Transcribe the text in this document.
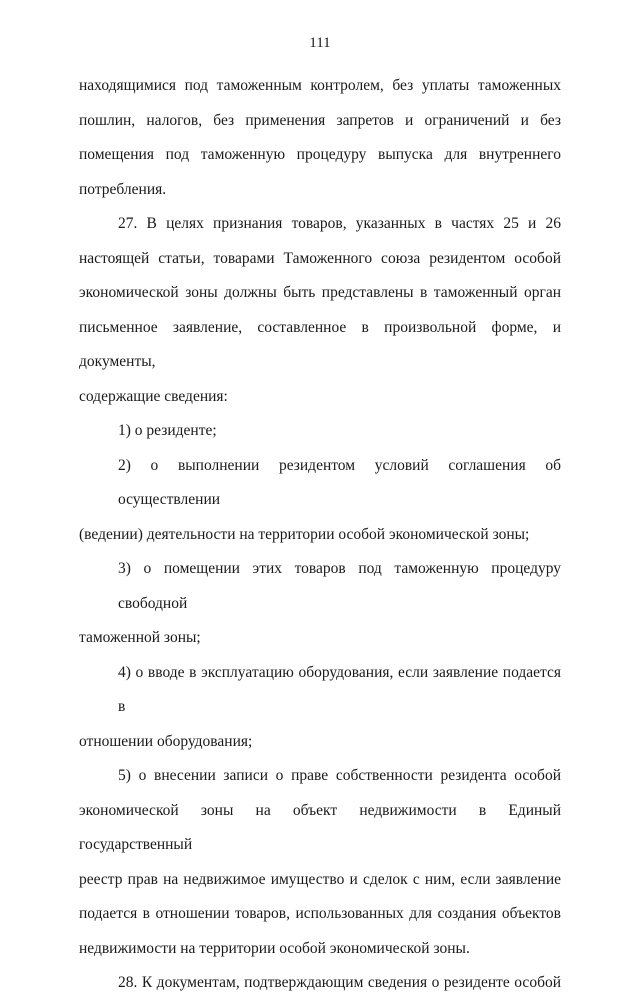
111
находящимися под таможенным контролем, без уплаты таможенных
пошлин, налогов, без применения запретов и ограничений и без
помещения под таможенную процедуру выпуска для внутреннего
потребления.
27. В целях признания товаров, указанных в частях 25 и 26
настоящей статьи, товарами Таможенного союза резидентом особой
экономической зоны должны быть представлены в таможенный орган
письменное заявление, составленное в произвольной форме, и документы,
содержащие сведения:
1) о резиденте;
2) о выполнении резидентом условий соглашения об осуществлении
(ведении) деятельности на территории особой экономической зоны;
3) о помещении этих товаров под таможенную процедуру свободной
таможенной зоны;
4) о вводе в эксплуатацию оборудования, если заявление подается в
отношении оборудования;
5) о внесении записи о праве собственности резидента особой
экономической зоны на объект недвижимости в Единый государственный
реестр прав на недвижимое имущество и сделок с ним, если заявление
подается в отношении товаров, использованных для создания объектов
недвижимости на территории особой экономической зоны.
28. К документам, подтверждающим сведения о резиденте особой
